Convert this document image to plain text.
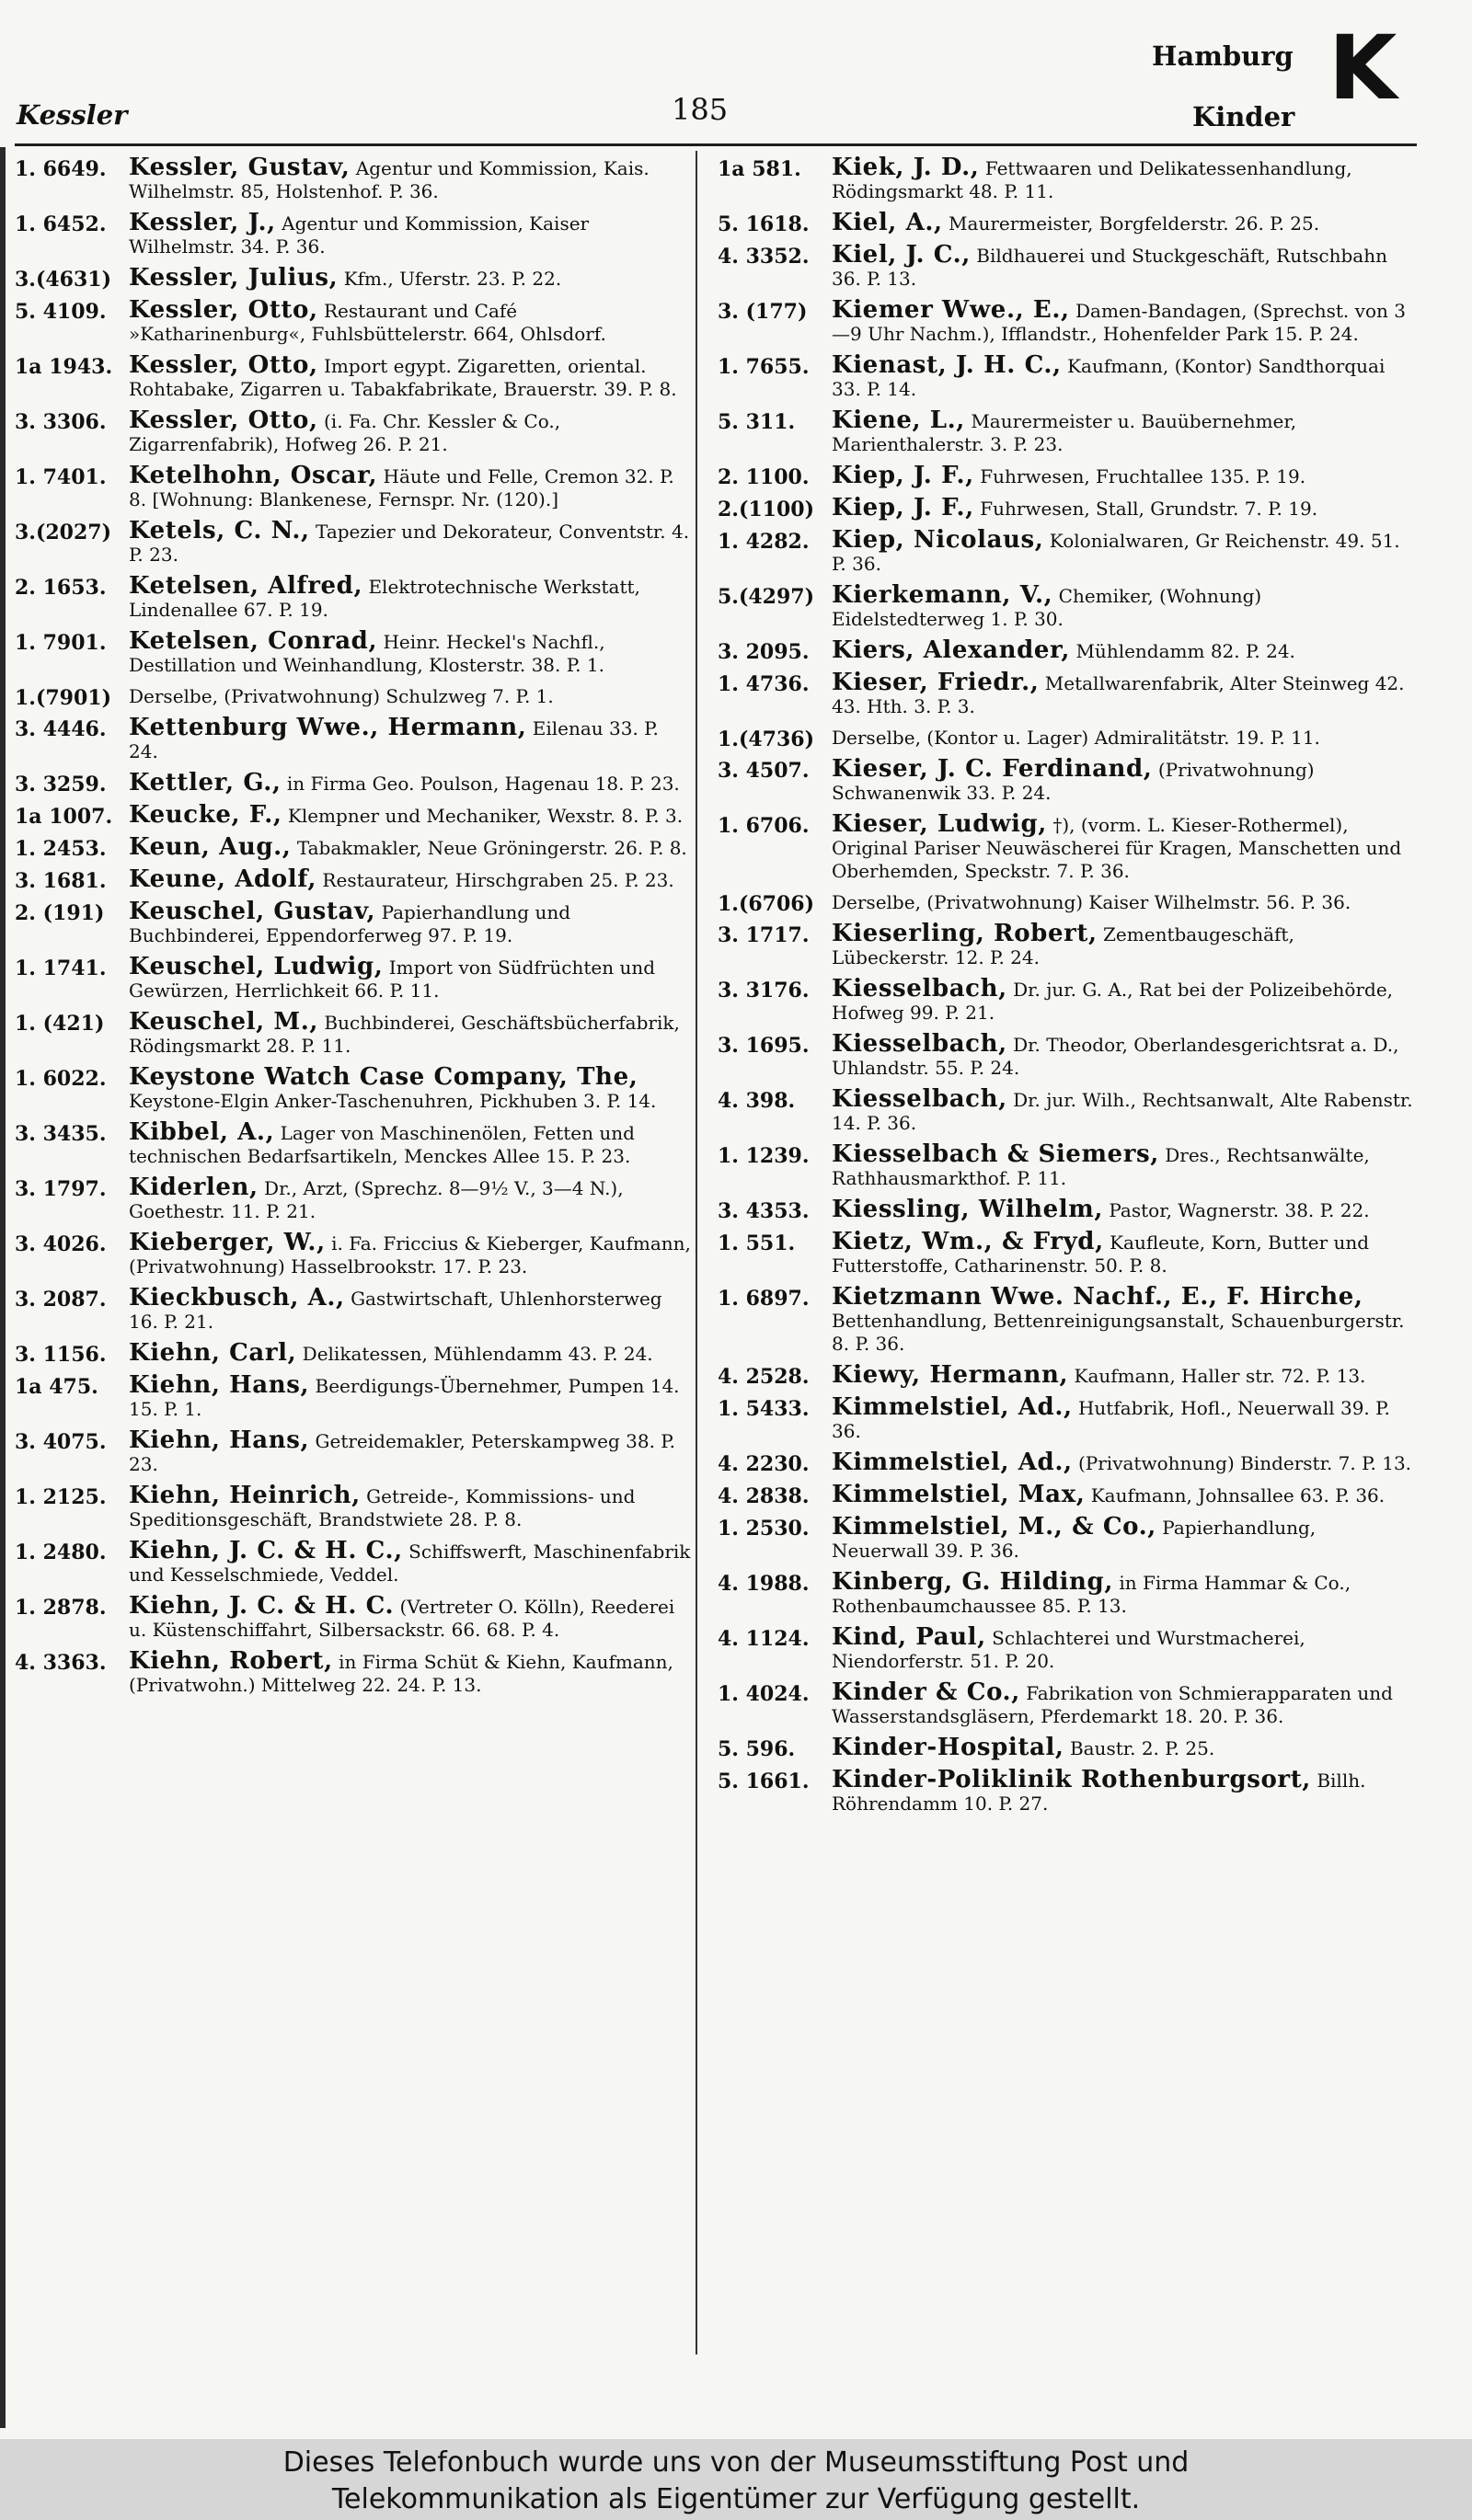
Kessler	185
Hamburg
Kinder K
1. 6649. Kessler, Gustav, Agentur und Kommission, Kais. Wilhelmstr. 85, Holstenhof. P. 36.
1. 6452. Kessler, J., Agentur und Kommission, Kaiser Wilhelmstr. 34. P. 36.
3.(4631) Kessler, Julius, Kfm., Uferstr. 23. P. 22.
5. 4109. Kessler, Otto, Restaurant und Café »Katharinenburg«, Fuhlsbüttelerstr. 664, Ohlsdorf.
1a 1943. Kessler, Otto, Import egypt. Zigaretten, oriental. Rohtabake, Zigarren u. Tabakfabrikate, Brauerstr. 39. P. 8.
3. 3306. Kessler, Otto, (i. Fa. Chr. Kessler & Co., Zigarrenfabrik), Hofweg 26. P. 21.
1. 7401. Ketelhohn, Oscar, Häute und Felle, Cremon 32. P. 8. [Wohnung: Blankenese, Fernspr. Nr. (120).]
3.(2027) Ketels, C. N., Tapezier und Dekorateur, Conventstr. 4. P. 23.
2. 1653. Ketelsen, Alfred, Elektrotechnische Werkstatt, Lindenallee 67. P. 19.
1. 7901. Ketelsen, Conrad, Heinr. Heckel's Nachfl., Destillation und Weinhandlung, Klosterstr. 38. P. 1.
1.(7901) Derselbe, (Privatwohnung) Schulzweg 7. P. 1.
3. 4446. Kettenburg Wwe., Hermann, Eilenau 33. P. 24.
3. 3259. Kettler, G., in Firma Geo. Poulson, Hagenau 18. P. 23.
1a 1007. Keucke, F., Klempner und Mechaniker, Wexstr. 8. P. 3.
1. 2453. Keun, Aug., Tabakmakler, Neue Gröningerstr. 26. P. 8.
3. 1681. Keune, Adolf, Restaurateur, Hirschgraben 25. P. 23.
2. (191) Keuschel, Gustav, Papierhandlung und Buchbinderei, Eppendorferweg 97. P. 19.
1. 1741. Keuschel, Ludwig, Import von Südfrüchten und Gewürzen, Herrlichkeit 66. P. 11.
1. (421) Keuschel, M., Buchbinderei, Geschäftsbücherfabrik, Rödingsmarkt 28. P. 11.
1. 6022. Keystone Watch Case Company, The, Keystone-Elgin Anker-Taschenuhren, Pickhuben 3. P. 14.
3. 3435. Kibbel, A., Lager von Maschinenölen, Fetten und technischen Bedarfsartikeln, Menckes Allee 15. P. 23.
3. 1797. Kiderlen, Dr., Arzt, (Sprechz. 8—9½ V., 3—4 N.), Goethestr. 11. P. 21.
3. 4026. Kieberger, W., i. Fa. Friccius & Kieberger, Kaufmann, (Privatwohnung) Hasselbrookstr. 17. P. 23.
3. 2087. Kieckbusch, A., Gastwirtschaft, Uhlenhorsterweg 16. P. 21.
3. 1156. Kiehn, Carl, Delikatessen, Mühlendamm 43. P. 24.
1a 475. Kiehn, Hans, Beerdigungs-Übernehmer, Pumpen 14. 15. P. 1.
3. 4075. Kiehn, Hans, Getreidemakler, Peterskampweg 38. P. 23.
1. 2125. Kiehn, Heinrich, Getreide-, Kommissions- und Speditionsgeschäft, Brandstwiete 28. P. 8.
1. 2480. Kiehn, J. C. & H. C., Schiffswerft, Maschinenfabrik und Kesselschmiede, Veddel.
1. 2878. Kiehn, J. C. & H. C. (Vertreter O. Kölln), Reederei u. Küstenschiffahrt, Silbersackstr. 66. 68. P. 4.
4. 3363. Kiehn, Robert, in Firma Schüt & Kiehn, Kaufmann, (Privatwohn.) Mittelweg 22. 24. P. 13.
1a 581. Kiek, J. D., Fettwaaren und Delikatessenhandlung, Rödingsmarkt 48. P. 11.
5. 1618. Kiel, A., Maurermeister, Borgfelderstr. 26. P. 25.
4. 3352. Kiel, J. C., Bildhauerei und Stuckgeschäft, Rutschbahn 36. P. 13.
3. (177) Kiemer Wwe., E., Damen-Bandagen, (Sprechst. von 3—9 Uhr Nachm.), Ifflandstr., Hohenfelder Park 15. P. 24.
1. 7655. Kienast, J. H. C., Kaufmann, (Kontor) Sandthorquai 33. P. 14.
5. 311. Kiene, L., Maurermeister u. Bauübernehmer, Marienthalerstr. 3. P. 23.
2. 1100. Kiep, J. F., Fuhrwesen, Fruchtallee 135. P. 19.
2.(1100) Kiep, J. F., Fuhrwesen, Stall, Grundstr. 7. P. 19.
1. 4282. Kiep, Nicolaus, Kolonialwaren, Gr Reichenstr. 49. 51. P. 36.
5.(4297) Kierkemann, V., Chemiker, (Wohnung) Eidelstedterweg 1. P. 30.
3. 2095. Kiers, Alexander, Mühlendamm 82. P. 24.
1. 4736. Kieser, Friedr., Metallwarenfabrik, Alter Steinweg 42. 43. Hth. 3. P. 3.
1.(4736) Derselbe, (Kontor u. Lager) Admiralitätstr. 19. P. 11.
3. 4507. Kieser, J. C. Ferdinand, (Privatwohnung) Schwanenwik 33. P. 24.
1. 6706. Kieser, Ludwig, †), (vorm. L. Kieser-Rothermel), Original Pariser Neuwäscherei für Kragen, Manschetten und Oberhemden, Speckstr. 7. P. 36.
1.(6706) Derselbe, (Privatwohnung) Kaiser Wilhelmstr. 56. P. 36.
3. 1717. Kieserling, Robert, Zementbaugeschäft, Lübeckerstr. 12. P. 24.
3. 3176. Kiesselbach, Dr. jur. G. A., Rat bei der Polizeibehörde, Hofweg 99. P. 21.
3. 1695. Kiesselbach, Dr. Theodor, Oberlandesgerichtsrat a. D., Uhlandstr. 55. P. 24.
4. 398. Kiesselbach, Dr. jur. Wilh., Rechtsanwalt, Alte Rabenstr. 14. P. 36.
1. 1239. Kiesselbach & Siemers, Dres., Rechtsanwälte, Rathhausmarkthof. P. 11.
3. 4353. Kiessling, Wilhelm, Pastor, Wagnerstr. 38. P. 22.
1. 551. Kietz, Wm., & Fryd, Kaufleute, Korn, Butter und Futterstoffe, Catharinenstr. 50. P. 8.
1. 6897. Kietzmann Wwe. Nachf., E., F. Hirche, Bettenhandlung, Bettenreinigungsanstalt, Schauenburgerstr. 8. P. 36.
4. 2528. Kiewy, Hermann, Kaufmann, Haller str. 72. P. 13.
1. 5433. Kimmelstiel, Ad., Hutfabrik, Hofl., Neuerwall 39. P. 36.
4. 2230. Kimmelstiel, Ad., (Privatwohnung) Binderstr. 7. P. 13.
4. 2838. Kimmelstiel, Max, Kaufmann, Johnsallee 63. P. 36.
1. 2530. Kimmelstiel, M., & Co., Papierhandlung, Neuerwall 39. P. 36.
4. 1988. Kinberg, G. Hilding, in Firma Hammar & Co., Rothenbaumchaussee 85. P. 13.
4. 1124. Kind, Paul, Schlachterei und Wurstmacherei, Niendorferstr. 51. P. 20.
1. 4024. Kinder & Co., Fabrikation von Schmierapparaten und Wasserstandsgläsern, Pferdemarkt 18. 20. P. 36.
5. 596. Kinder-Hospital, Baustr. 2. P. 25.
5. 1661. Kinder-Poliklinik Rothenburgsort, Billh. Röhrendamm 10. P. 27.
Dieses Telefonbuch wurde uns von der Museumsstiftung Post und
Telekommunikation als Eigentümer zur Verfügung gestellt.
